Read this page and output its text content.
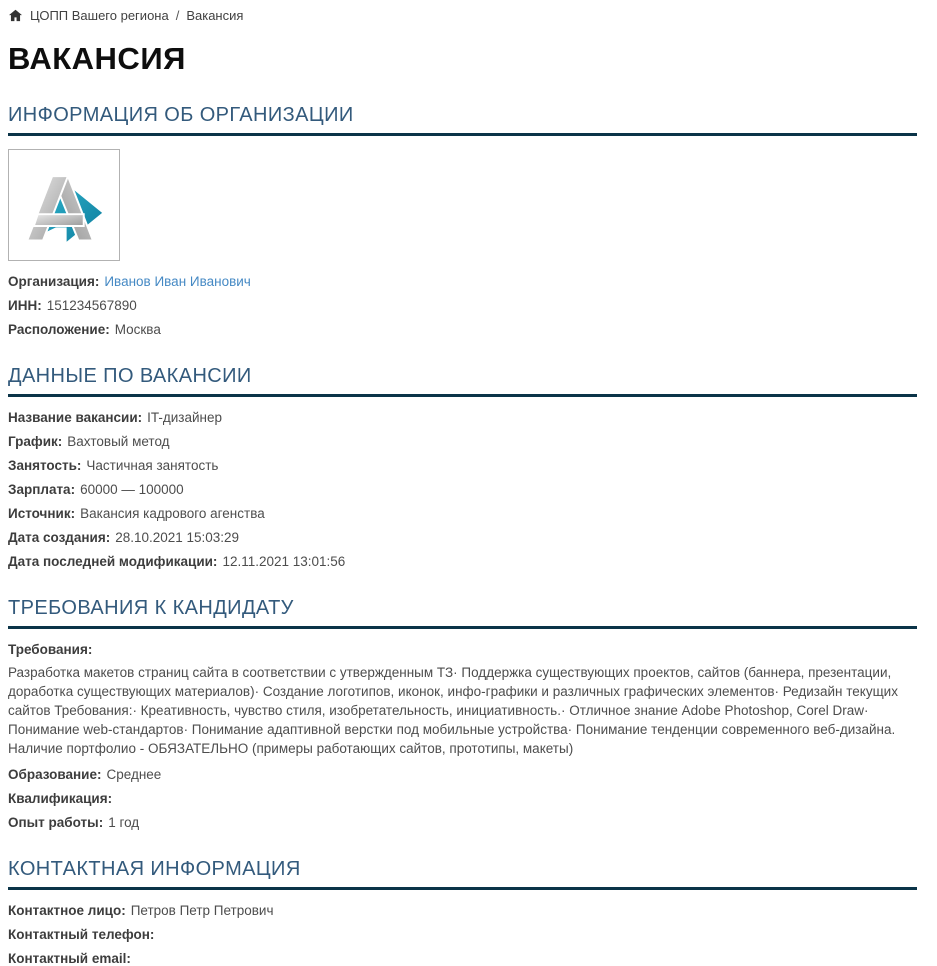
ЦОПП Вашего региона / Вакансия
ВАКАНСИЯ
ИНФОРМАЦИЯ ОБ ОРГАНИЗАЦИИ
Организация: Иванов Иван Иванович
ИНН: 151234567890
Расположение: Москва
ДАННЫЕ ПО ВАКАНСИИ
Название вакансии: IT-дизайнер
График: Вахтовый метод
Занятость: Частичная занятость
Зарплата: 60000 — 100000
Источник: Вакансия кадрового агенства
Дата создания: 28.10.2021 15:03:29
Дата последней модификации: 12.11.2021 13:01:56
ТРЕБОВАНИЯ К КАНДИДАТУ
Требования:
Разработка макетов страниц сайта в соответствии с утвержденным ТЗ· Поддержка существующих проектов, сайтов (баннера, презентации, доработка существующих материалов)· Создание логотипов, иконок, инфо-графики и различных графических элементов· Редизайн текущих сайтов Требования:· Креативность, чувство стиля, изобретательность, инициативность.· Отличное знание Adobe Photoshop, Corel Draw· Понимание web-стандартов· Понимание адаптивной верстки под мобильные устройства· Понимание тенденции современного веб-дизайна. Наличие портфолио - ОБЯЗАТЕЛЬНО (примеры работающих сайтов, прототипы, макеты)
Образование: Среднее
Квалификация:
Опыт работы: 1 год
КОНТАКТНАЯ ИНФОРМАЦИЯ
Контактное лицо: Петров Петр Петрович
Контактный телефон:
Контактный email:
